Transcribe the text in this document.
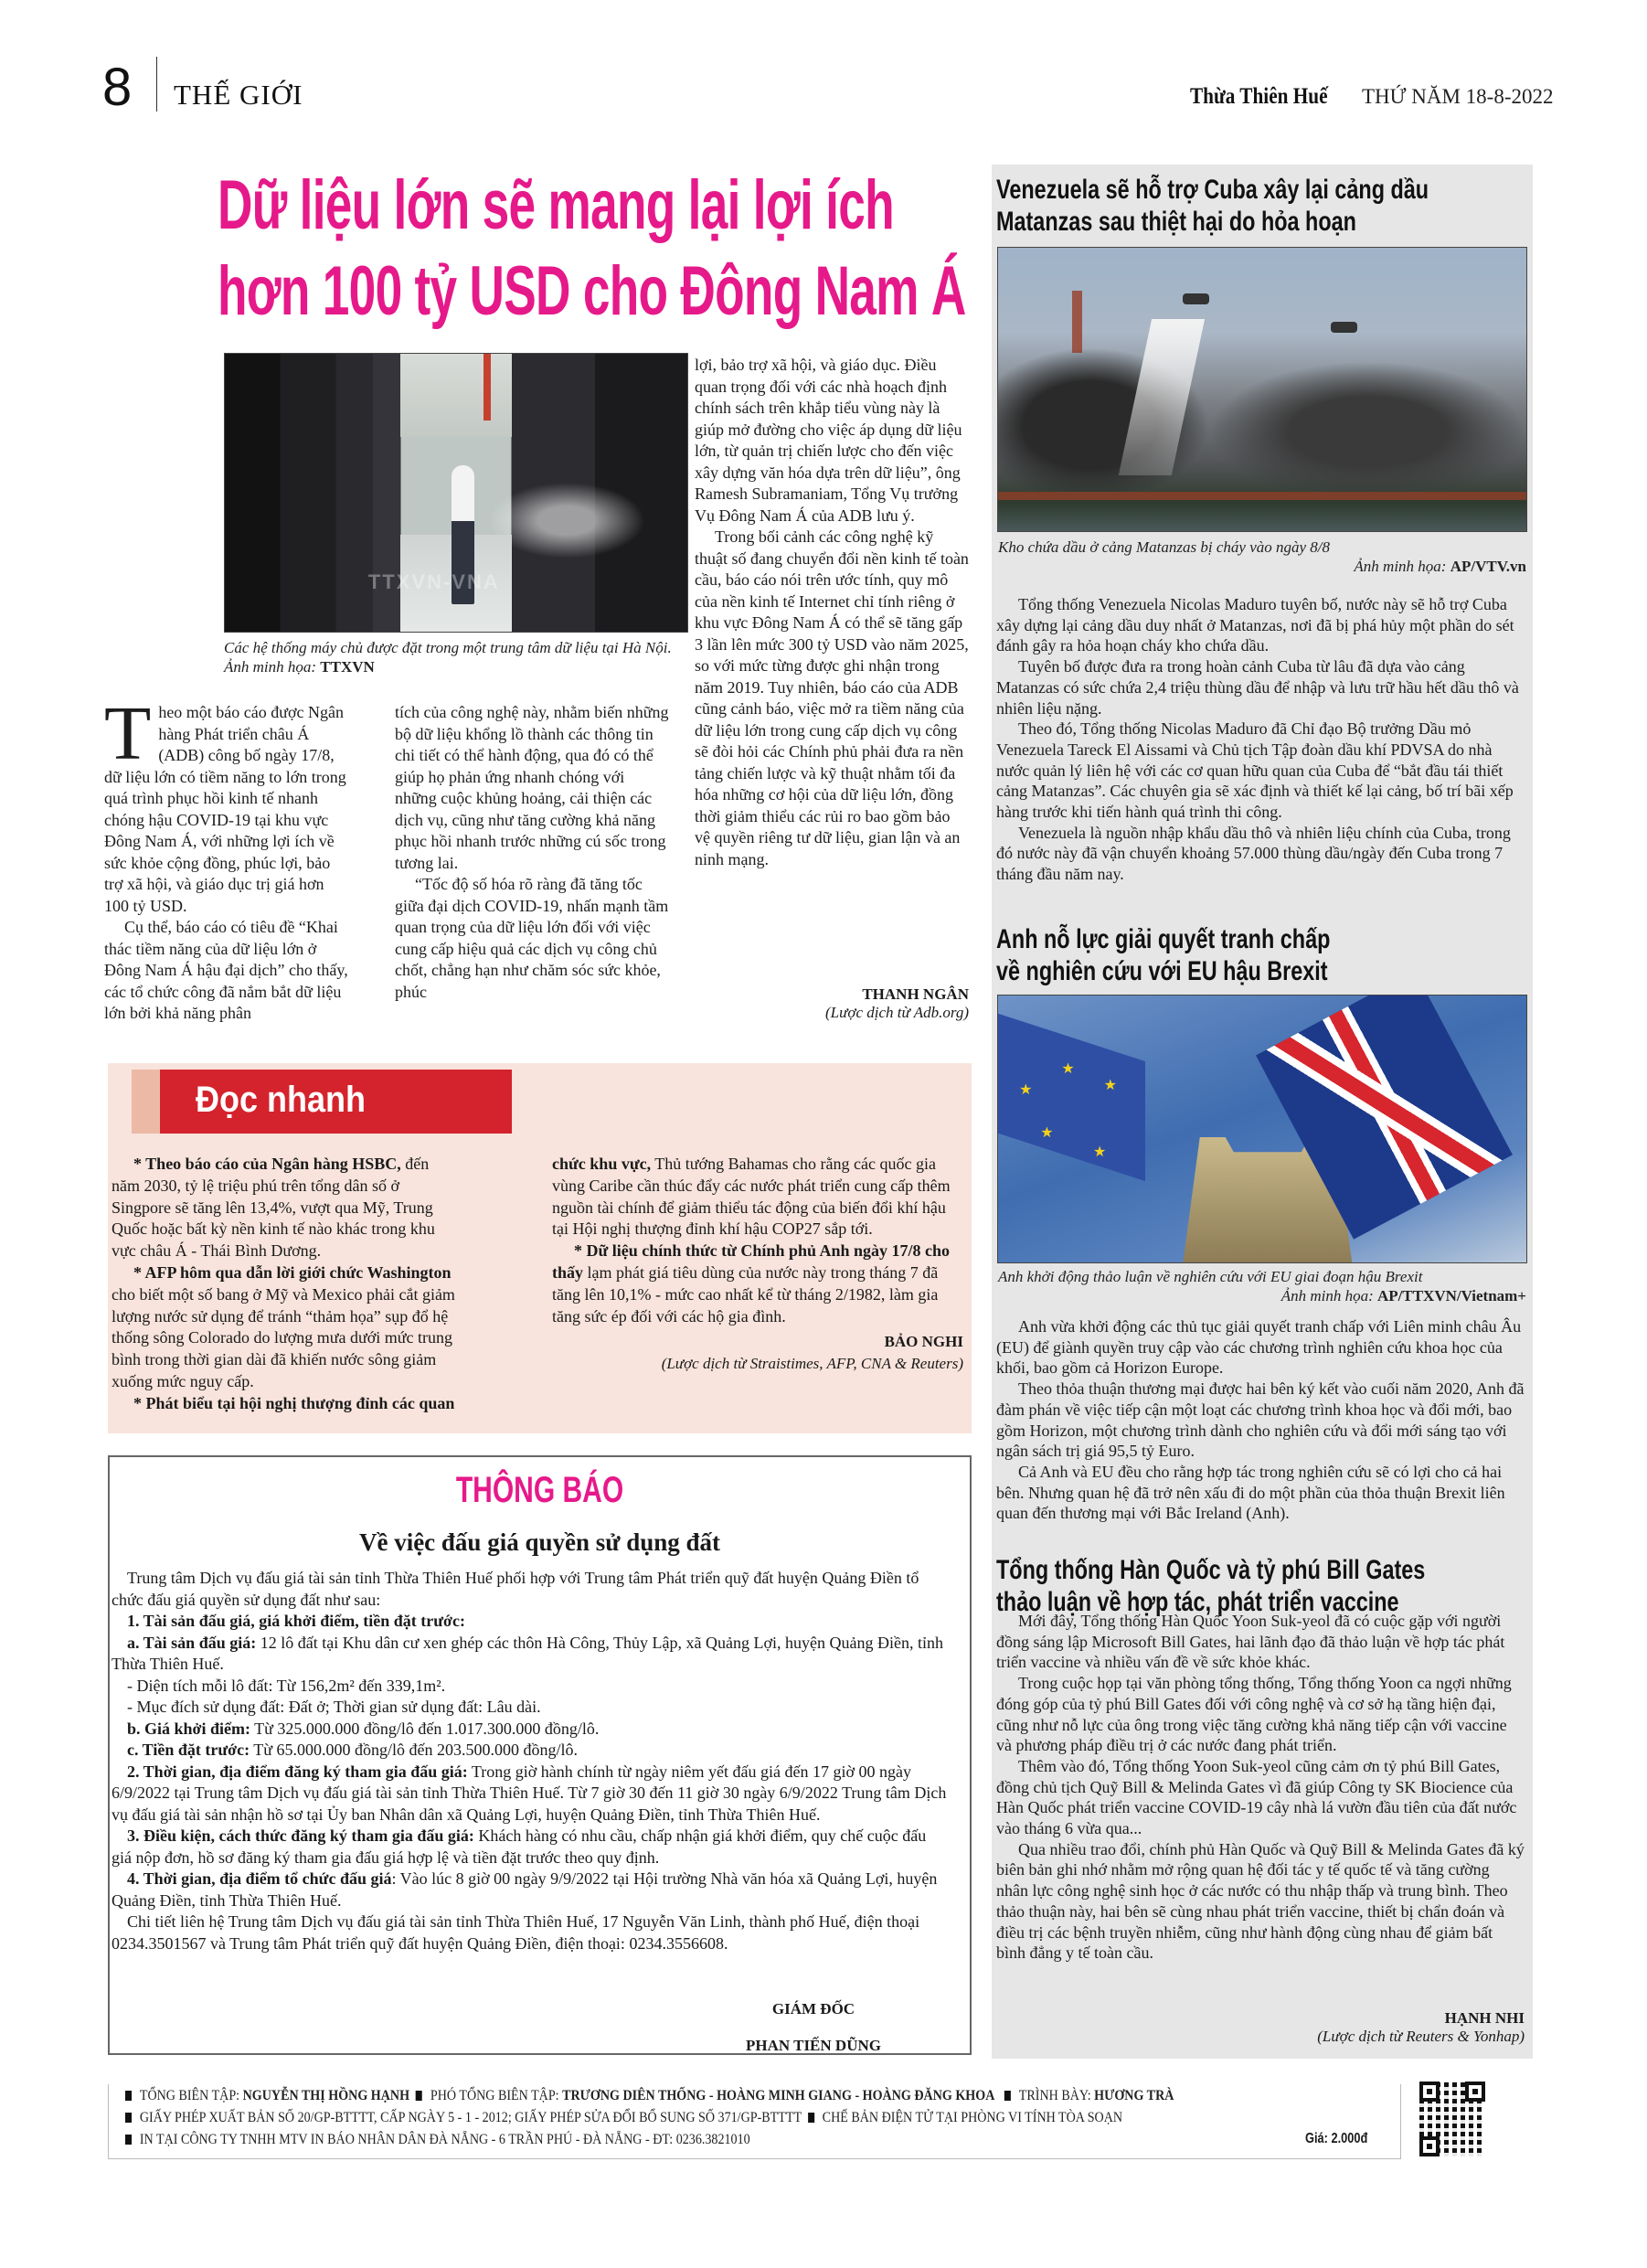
8 THẾ GIỚI	Thừa Thiên Huế THỨ NĂM 18-8-2022
Dữ liệu lớn sẽ mang lại lợi ích
hơn 100 tỷ USD cho Đông Nam Á
TTXVN-VNA
Các hệ thống máy chủ được đặt trong một trung tâm dữ liệu tại Hà Nội. Ảnh minh họa: TTXVN

Theo một báo cáo được Ngân hàng Phát triển châu Á (ADB) công bố ngày 17/8, dữ liệu lớn có tiềm năng to lớn trong quá trình phục hồi kinh tế nhanh chóng hậu COVID-19 tại khu vực Đông Nam Á, với những lợi ích về sức khỏe cộng đồng, phúc lợi, bảo trợ xã hội, và giáo dục trị giá hơn 100 tỷ USD.

Cụ thể, báo cáo có tiêu đề “Khai thác tiềm năng của dữ liệu lớn ở Đông Nam Á hậu đại dịch” cho thấy, các tổ chức công đã nắm bắt dữ liệu lớn bởi khả năng phân

tích của công nghệ này, nhằm biến những bộ dữ liệu khổng lồ thành các thông tin chi tiết có thể hành động, qua đó có thể giúp họ phản ứng nhanh chóng với những cuộc khủng hoảng, cải thiện các dịch vụ, cũng như tăng cường khả năng phục hồi nhanh trước những cú sốc trong tương lai.

“Tốc độ số hóa rõ ràng đã tăng tốc giữa đại dịch COVID-19, nhấn mạnh tầm quan trọng của dữ liệu lớn đối với việc cung cấp hiệu quả các dịch vụ công chủ chốt, chẳng hạn như chăm sóc sức khỏe, phúc

lợi, bảo trợ xã hội, và giáo dục. Điều quan trọng đối với các nhà hoạch định chính sách trên khắp tiểu vùng này là giúp mở đường cho việc áp dụng dữ liệu lớn, từ quản trị chiến lược cho đến việc xây dựng văn hóa dựa trên dữ liệu”, ông Ramesh Subramaniam, Tổng Vụ trưởng Vụ Đông Nam Á của ADB lưu ý.

Trong bối cảnh các công nghệ kỹ thuật số đang chuyển đổi nền kinh tế toàn cầu, báo cáo nói trên ước tính, quy mô của nền kinh tế Internet chỉ tính riêng ở khu vực Đông Nam Á có thể sẽ tăng gấp 3 lần lên mức 300 tỷ USD vào năm 2025, so với mức từng được ghi nhận trong năm 2019. Tuy nhiên, báo cáo của ADB cũng cảnh báo, việc mở ra tiềm năng của dữ liệu lớn trong cung cấp dịch vụ công sẽ đòi hỏi các Chính phủ phải đưa ra nền tảng chiến lược và kỹ thuật nhằm tối đa hóa những cơ hội của dữ liệu lớn, đồng thời giảm thiểu các rủi ro bao gồm bảo vệ quyền riêng tư dữ liệu, gian lận và an ninh mạng.

THANH NGÂN
(Lược dịch từ Adb.org)
Đọc nhanh

* Theo báo cáo của Ngân hàng HSBC, đến năm 2030, tỷ lệ triệu phú trên tổng dân số ở Singpore sẽ tăng lên 13,4%, vượt qua Mỹ, Trung Quốc hoặc bất kỳ nền kinh tế nào khác trong khu vực châu Á - Thái Bình Dương.

* AFP hôm qua dẫn lời giới chức Washington cho biết một số bang ở Mỹ và Mexico phải cắt giảm lượng nước sử dụng để tránh “thảm họa” sụp đổ hệ thống sông Colorado do lượng mưa dưới mức trung bình trong thời gian dài đã khiến nước sông giảm xuống mức nguy cấp.

* Phát biểu tại hội nghị thượng đỉnh các quan

chức khu vực, Thủ tướng Bahamas cho rằng các quốc gia vùng Caribe cần thúc đẩy các nước phát triển cung cấp thêm nguồn tài chính để giảm thiểu tác động của biến đổi khí hậu tại Hội nghị thượng đỉnh khí hậu COP27 sắp tới.

* Dữ liệu chính thức từ Chính phủ Anh ngày 17/8 cho thấy lạm phát giá tiêu dùng của nước này trong tháng 7 đã tăng lên 10,1% - mức cao nhất kể từ tháng 2/1982, làm gia tăng sức ép đối với các hộ gia đình.

BẢO NGHI
(Lược dịch từ Straistimes, AFP, CNA & Reuters)
THÔNG BÁO
Về việc đấu giá quyền sử dụng đất

Trung tâm Dịch vụ đấu giá tài sản tỉnh Thừa Thiên Huế phối hợp với Trung tâm Phát triển quỹ đất huyện Quảng Điền tổ chức đấu giá quyền sử dụng đất như sau:

1. Tài sản đấu giá, giá khởi điểm, tiền đặt trước:

a. Tài sản đấu giá: 12 lô đất tại Khu dân cư xen ghép các thôn Hà Công, Thủy Lập, xã Quảng Lợi, huyện Quảng Điền, tỉnh Thừa Thiên Huế.

- Diện tích mỗi lô đất: Từ 156,2m² đến 339,1m².

- Mục đích sử dụng đất: Đất ở; Thời gian sử dụng đất: Lâu dài.

b. Giá khởi điểm: Từ 325.000.000 đồng/lô đến 1.017.300.000 đồng/lô.

c. Tiền đặt trước: Từ 65.000.000 đồng/lô đến 203.500.000 đồng/lô.

2. Thời gian, địa điểm đăng ký tham gia đấu giá: Trong giờ hành chính từ ngày niêm yết đấu giá đến 17 giờ 00 ngày 6/9/2022 tại Trung tâm Dịch vụ đấu giá tài sản tỉnh Thừa Thiên Huế. Từ 7 giờ 30 đến 11 giờ 30 ngày 6/9/2022 Trung tâm Dịch vụ đấu giá tài sản nhận hồ sơ tại Ủy ban Nhân dân xã Quảng Lợi, huyện Quảng Điền, tỉnh Thừa Thiên Huế.

3. Điều kiện, cách thức đăng ký tham gia đấu giá: Khách hàng có nhu cầu, chấp nhận giá khởi điểm, quy chế cuộc đấu giá nộp đơn, hồ sơ đăng ký tham gia đấu giá hợp lệ và tiền đặt trước theo quy định.

4. Thời gian, địa điểm tổ chức đấu giá: Vào lúc 8 giờ 00 ngày 9/9/2022 tại Hội trường Nhà văn hóa xã Quảng Lợi, huyện Quảng Điền, tỉnh Thừa Thiên Huế.

Chi tiết liên hệ Trung tâm Dịch vụ đấu giá tài sản tỉnh Thừa Thiên Huế, 17 Nguyễn Văn Linh, thành phố Huế, điện thoại 0234.3501567 và Trung tâm Phát triển quỹ đất huyện Quảng Điền, điện thoại: 0234.3556608.

GIÁM ĐỐC
PHAN TIẾN DŨNG
Venezuela sẽ hỗ trợ Cuba xây lại cảng dầu
Matanzas sau thiệt hại do hỏa hoạn
Kho chứa dầu ở cảng Matanzas bị cháy vào ngày 8/8
Ảnh minh họa: AP/VTV.vn

Tổng thống Venezuela Nicolas Maduro tuyên bố, nước này sẽ hỗ trợ Cuba xây dựng lại cảng dầu duy nhất ở Matanzas, nơi đã bị phá hủy một phần do sét đánh gây ra hỏa hoạn cháy kho chứa dầu.

Tuyên bố được đưa ra trong hoàn cảnh Cuba từ lâu đã dựa vào cảng Matanzas có sức chứa 2,4 triệu thùng dầu để nhập và lưu trữ hầu hết dầu thô và nhiên liệu nặng.

Theo đó, Tổng thống Nicolas Maduro đã Chỉ đạo Bộ trưởng Dầu mỏ Venezuela Tareck El Aissami và Chủ tịch Tập đoàn dầu khí PDVSA do nhà nước quản lý liên hệ với các cơ quan hữu quan của Cuba để “bắt đầu tái thiết cảng Matanzas”. Các chuyên gia sẽ xác định và thiết kế lại cảng, bố trí bãi xếp hàng trước khi tiến hành quá trình thi công.

Venezuela là nguồn nhập khẩu dầu thô và nhiên liệu chính của Cuba, trong đó nước này đã vận chuyển khoảng 57.000 thùng dầu/ngày đến Cuba trong 7 tháng đầu năm nay.

Anh nỗ lực giải quyết tranh chấp
về nghiên cứu với EU hậu Brexit
★
★
★
★
★
Anh khởi động thảo luận về nghiên cứu với EU giai đoạn hậu Brexit
Ảnh minh họa: AP/TTXVN/Vietnam+

Anh vừa khởi động các thủ tục giải quyết tranh chấp với Liên minh châu Âu (EU) để giành quyền truy cập vào các chương trình nghiên cứu khoa học của khối, bao gồm cả Horizon Europe.

Theo thỏa thuận thương mại được hai bên ký kết vào cuối năm 2020, Anh đã đàm phán về việc tiếp cận một loạt các chương trình khoa học và đổi mới, bao gồm Horizon, một chương trình dành cho nghiên cứu và đổi mới sáng tạo với ngân sách trị giá 95,5 tỷ Euro.

Cả Anh và EU đều cho rằng hợp tác trong nghiên cứu sẽ có lợi cho cả hai bên. Nhưng quan hệ đã trở nên xấu đi do một phần của thỏa thuận Brexit liên quan đến thương mại với Bắc Ireland (Anh).

Tổng thống Hàn Quốc và tỷ phú Bill Gates
thảo luận về hợp tác, phát triển vaccine

Mới đây, Tổng thống Hàn Quốc Yoon Suk-yeol đã có cuộc gặp với người đồng sáng lập Microsoft Bill Gates, hai lãnh đạo đã thảo luận về hợp tác phát triển vaccine và nhiều vấn đề về sức khỏe khác.

Trong cuộc họp tại văn phòng tổng thống, Tổng thống Yoon ca ngợi những đóng góp của tỷ phú Bill Gates đối với công nghệ và cơ sở hạ tầng hiện đại, cũng như nỗ lực của ông trong việc tăng cường khả năng tiếp cận với vaccine và phương pháp điều trị ở các nước đang phát triển.

Thêm vào đó, Tổng thống Yoon Suk-yeol cũng cảm ơn tỷ phú Bill Gates, đồng chủ tịch Quỹ Bill & Melinda Gates vì đã giúp Công ty SK Biocience của Hàn Quốc phát triển vaccine COVID-19 cây nhà lá vườn đầu tiên của đất nước vào tháng 6 vừa qua...

Qua nhiều trao đổi, chính phủ Hàn Quốc và Quỹ Bill & Melinda Gates đã ký biên bản ghi nhớ nhằm mở rộng quan hệ đối tác y tế quốc tế và tăng cường nhân lực công nghệ sinh học ở các nước có thu nhập thấp và trung bình. Theo thảo thuận này, hai bên sẽ cùng nhau phát triển vaccine, thiết bị chẩn đoán và điều trị các bệnh truyền nhiễm, cũng như hành động cùng nhau để giảm bất bình đẳng y tế toàn cầu.

HẠNH NHI
(Lược dịch từ Reuters & Yonhap)
TỔNG BIÊN TẬP: NGUYỄN THỊ HỒNG HẠNH PHÓ TỔNG BIÊN TẬP: TRƯƠNG DIÊN THỐNG - HOÀNG MINH GIANG - HOÀNG ĐĂNG KHOA TRÌNH BÀY: HƯƠNG TRÀ
GIẤY PHÉP XUẤT BẢN SỐ 20/GP-BTTTT, CẤP NGÀY 5 - 1 - 2012; GIẤY PHÉP SỬA ĐỔI BỔ SUNG SỐ 371/GP-BTTTT CHẾ BẢN ĐIỆN TỬ TẠI PHÒNG VI TÍNH TÒA SOẠN
IN TẠI CÔNG TY TNHH MTV IN BÁO NHÂN DÂN ĐÀ NẴNG - 6 TRẦN PHÚ - ĐÀ NẴNG - ĐT: 0236.3821010	Giá: 2.000đ
